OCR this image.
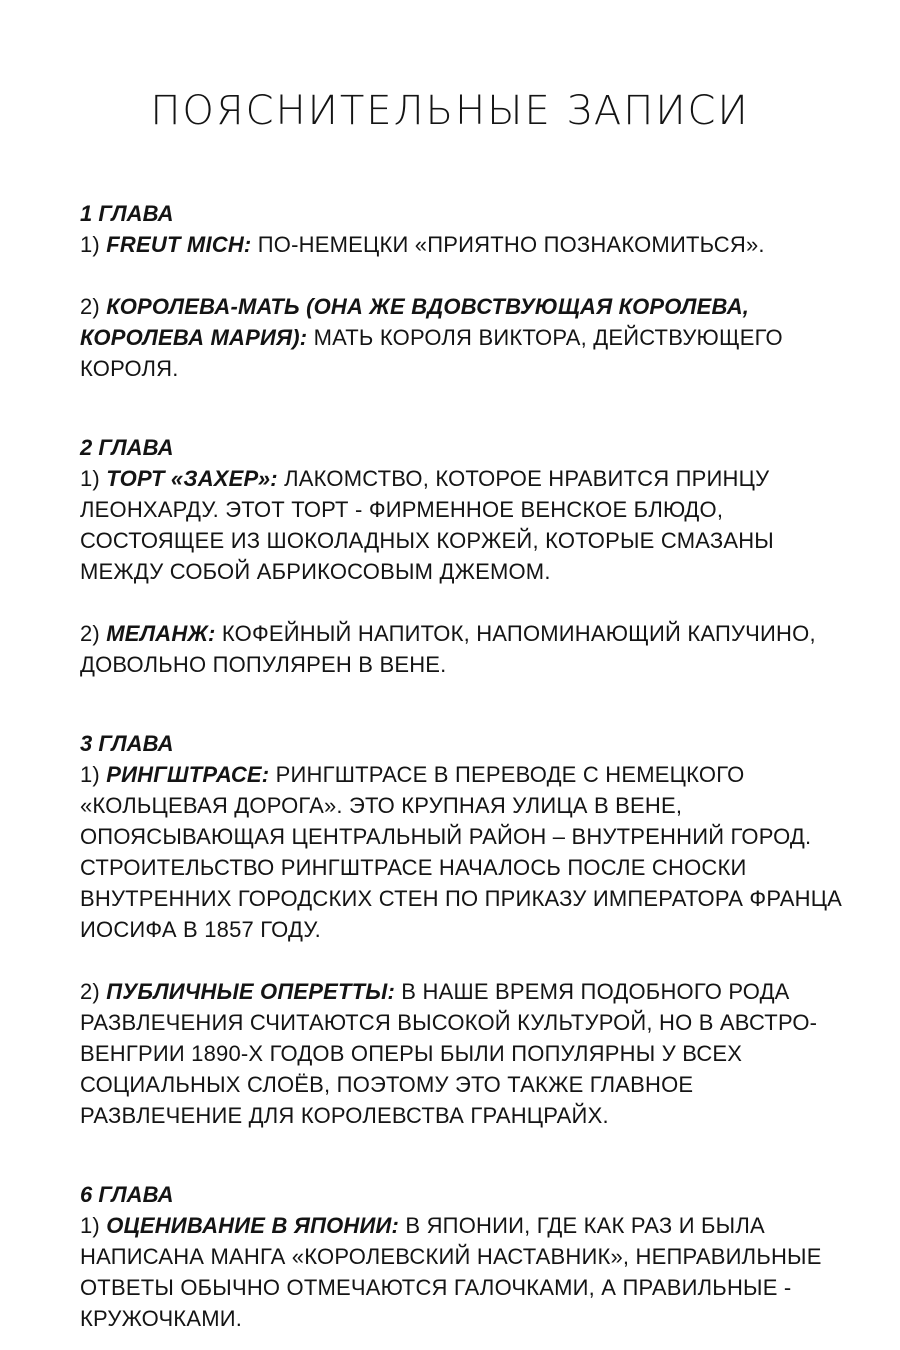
ПОЯСНИТЕЛЬНЫЕ ЗАПИСИ

1 ГЛАВА

1) FREUT MICH: ПО-НЕМЕЦКИ «ПРИЯТНО ПОЗНАКОМИТЬСЯ».

2) КОРОЛЕВА-МАТЬ (ОНА ЖЕ ВДОВСТВУЮЩАЯ КОРОЛЕВА, КОРОЛЕВА МАРИЯ): МАТЬ КОРОЛЯ ВИКТОРА, ДЕЙСТВУЮЩЕГО КОРОЛЯ.

2 ГЛАВА

1) ТОРТ «ЗАХЕР»: ЛАКОМСТВО, КОТОРОЕ НРАВИТСЯ ПРИНЦУ ЛЕОНХАРДУ. ЭТОТ ТОРТ - ФИРМЕННОЕ ВЕНСКОЕ БЛЮДО, СОСТОЯЩЕЕ ИЗ ШОКОЛАДНЫХ КОРЖЕЙ, КОТОРЫЕ СМАЗАНЫ МЕЖДУ СОБОЙ АБРИКОСОВЫМ ДЖЕМОМ.

2) МЕЛАНЖ: КОФЕЙНЫЙ НАПИТОК, НАПОМИНАЮЩИЙ КАПУЧИНО, ДОВОЛЬНО ПОПУЛЯРЕН В ВЕНЕ.

3 ГЛАВА

1) РИНГШТРАСЕ: РИНГШТРАСЕ В ПЕРЕВОДЕ С НЕМЕЦКОГО «КОЛЬЦЕВАЯ ДОРОГА». ЭТО КРУПНАЯ УЛИЦА В ВЕНЕ, ОПОЯСЫВАЮЩАЯ ЦЕНТРАЛЬНЫЙ РАЙОН – ВНУТРЕННИЙ ГОРОД. СТРОИТЕЛЬСТВО РИНГШТРАСЕ НАЧАЛОСЬ ПОСЛЕ СНОСКИ ВНУТРЕННИХ ГОРОДСКИХ СТЕН ПО ПРИКАЗУ ИМПЕРАТОРА ФРАНЦА ИОСИФА В 1857 ГОДУ.

2) ПУБЛИЧНЫЕ ОПЕРЕТТЫ: В НАШЕ ВРЕМЯ ПОДОБНОГО РОДА РАЗВЛЕЧЕНИЯ СЧИТАЮТСЯ ВЫСОКОЙ КУЛЬТУРОЙ, НО В АВСТРО-ВЕНГРИИ 1890-Х ГОДОВ ОПЕРЫ БЫЛИ ПОПУЛЯРНЫ У ВСЕХ СОЦИАЛЬНЫХ СЛОЁВ, ПОЭТОМУ ЭТО ТАКЖЕ ГЛАВНОЕ РАЗВЛЕЧЕНИЕ ДЛЯ КОРОЛЕВСТВА ГРАНЦРАЙХ.

6 ГЛАВА

1) ОЦЕНИВАНИЕ В ЯПОНИИ: В ЯПОНИИ, ГДЕ КАК РАЗ И БЫЛА НАПИСАНА МАНГА «КОРОЛЕВСКИЙ НАСТАВНИК», НЕПРАВИЛЬНЫЕ ОТВЕТЫ ОБЫЧНО ОТМЕЧАЮТСЯ ГАЛОЧКАМИ, А ПРАВИЛЬНЫЕ - КРУЖОЧКАМИ.
